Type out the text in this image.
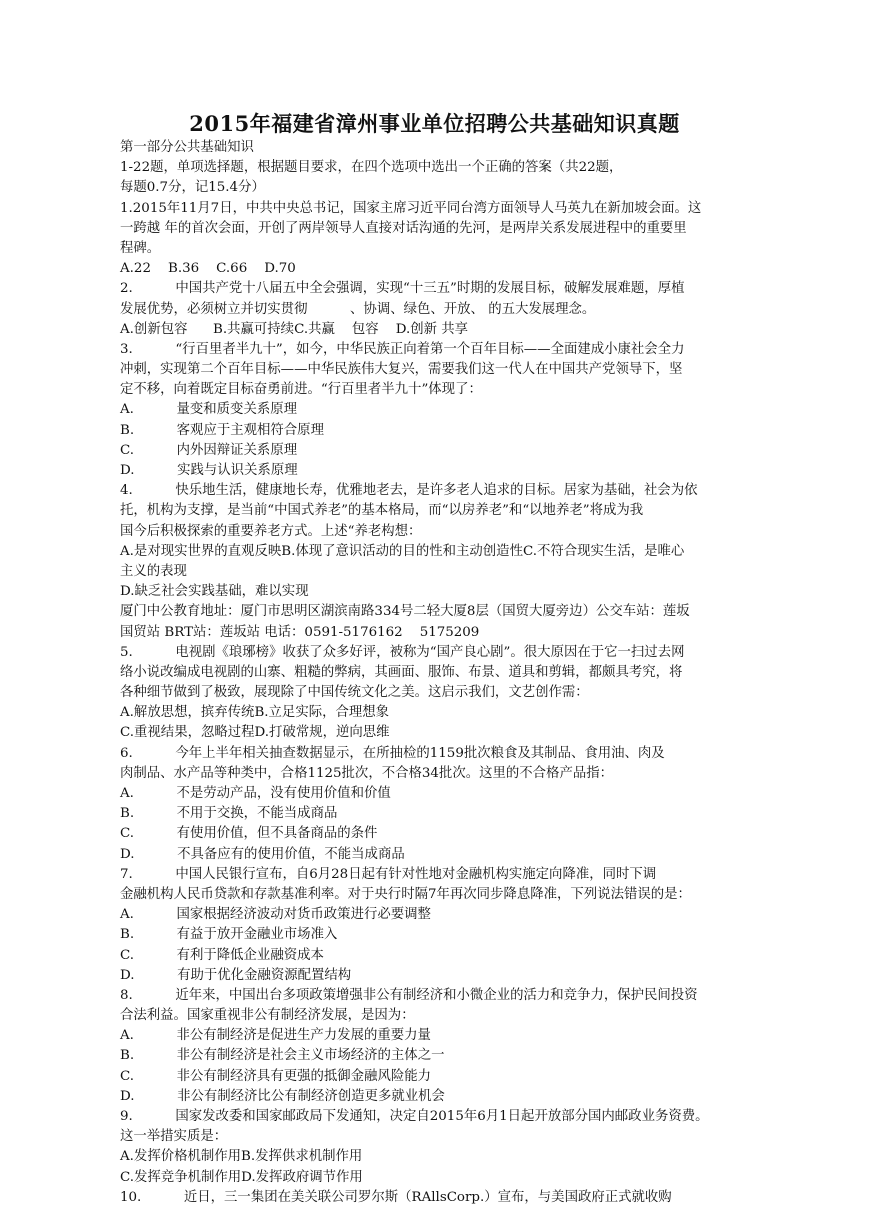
2015年福建省漳州事业单位招聘公共基础知识真题
第一部分公共基础知识
1-22题，单项选择题，根据题目要求，在四个选项中选出一个正确的答案（共22题，
每题0.7分，记15.4分）
1.2015年11月7日，中共中央总书记，国家主席习近平同台湾方面领导人马英九在新加坡会面。这
一跨越 年的首次会面，开创了两岸领导人直接对话沟通的先河，是两岸关系发展进程中的重要里
程碑。
A.22    B.36    C.66    D.70
2.          中国共产党十八届五中全会强调，实现“十三五”时期的发展目标，破解发展难题，厚植
发展优势，必须树立并切实贯彻          、协调、绿色、开放、 的五大发展理念。
A.创新包容      B.共赢可持续C.共赢    包容    D.创新 共享
3.          “行百里者半九十”，如今，中华民族正向着第一个百年目标——全面建成小康社会全力
冲刺，实现第二个百年目标——中华民族伟大复兴，需要我们这一代人在中国共产党领导下，坚
定不移，向着既定目标奋勇前进。“行百里者半九十”体现了：
A.          量变和质变关系原理
B.          客观应于主观相符合原理
C.          内外因辩证关系原理
D.          实践与认识关系原理
4.          快乐地生活，健康地长寿，优雅地老去，是许多老人追求的目标。居家为基础，社会为依
托，机构为支撑，是当前“中国式养老”的基本格局，而“以房养老”和“以地养老”将成为我
国今后积极探索的重要养老方式。上述“养老构想：
A.是对现实世界的直观反映B.体现了意识活动的目的性和主动创造性C.不符合现实生活，是唯心
主义的表现
D.缺乏社会实践基础，难以实现
厦门中公教育地址：厦门市思明区湖滨南路334号二轻大厦8层（国贸大厦旁边）公交车站：莲坂
国贸站 BRT站：莲坂站 电话：0591-5176162    5175209
5.          电视剧《琅琊榜》收获了众多好评，被称为“国产良心剧”。很大原因在于它一扫过去网
络小说改编成电视剧的山寨、粗糙的弊病，其画面、服饰、布景、道具和剪辑，都颇具考究，将
各种细节做到了极致，展现除了中国传统文化之美。这启示我们，文艺创作需：
A.解放思想，摈弃传统B.立足实际，合理想象
C.重视结果，忽略过程D.打破常规，逆向思维
6.          今年上半年相关抽查数据显示，在所抽检的1159批次粮食及其制品、食用油、肉及
肉制品、水产品等种类中，合格1125批次，不合格34批次。这里的不合格产品指：
A.          不是劳动产品，没有使用价值和价值
B.          不用于交换，不能当成商品
C.          有使用价值，但不具备商品的条件
D.          不具备应有的使用价值，不能当成商品
7.          中国人民银行宣布，自6月28日起有针对性地对金融机构实施定向降准，同时下调
金融机构人民币贷款和存款基准利率。对于央行时隔7年再次同步降息降准，下列说法错误的是：
A.          国家根据经济波动对货币政策进行必要调整
B.          有益于放开金融业市场准入
C.          有利于降低企业融资成本
D.          有助于优化金融资源配置结构
8.          近年来，中国出台多项政策增强非公有制经济和小微企业的活力和竞争力，保护民间投资
合法利益。国家重视非公有制经济发展，是因为：
A.          非公有制经济是促进生产力发展的重要力量
B.          非公有制经济是社会主义市场经济的主体之一
C.          非公有制经济具有更强的抵御金融风险能力
D.          非公有制经济比公有制经济创造更多就业机会
9.          国家发改委和国家邮政局下发通知，决定自2015年6月1日起开放部分国内邮政业务资费。
这一举措实质是：
A.发挥价格机制作用B.发挥供求机制作用
C.发挥竞争机制作用D.发挥政府调节作用
10.          近日，三一集团在美关联公司罗尔斯（RAllsCorp.）宣布，与美国政府正式就收购
